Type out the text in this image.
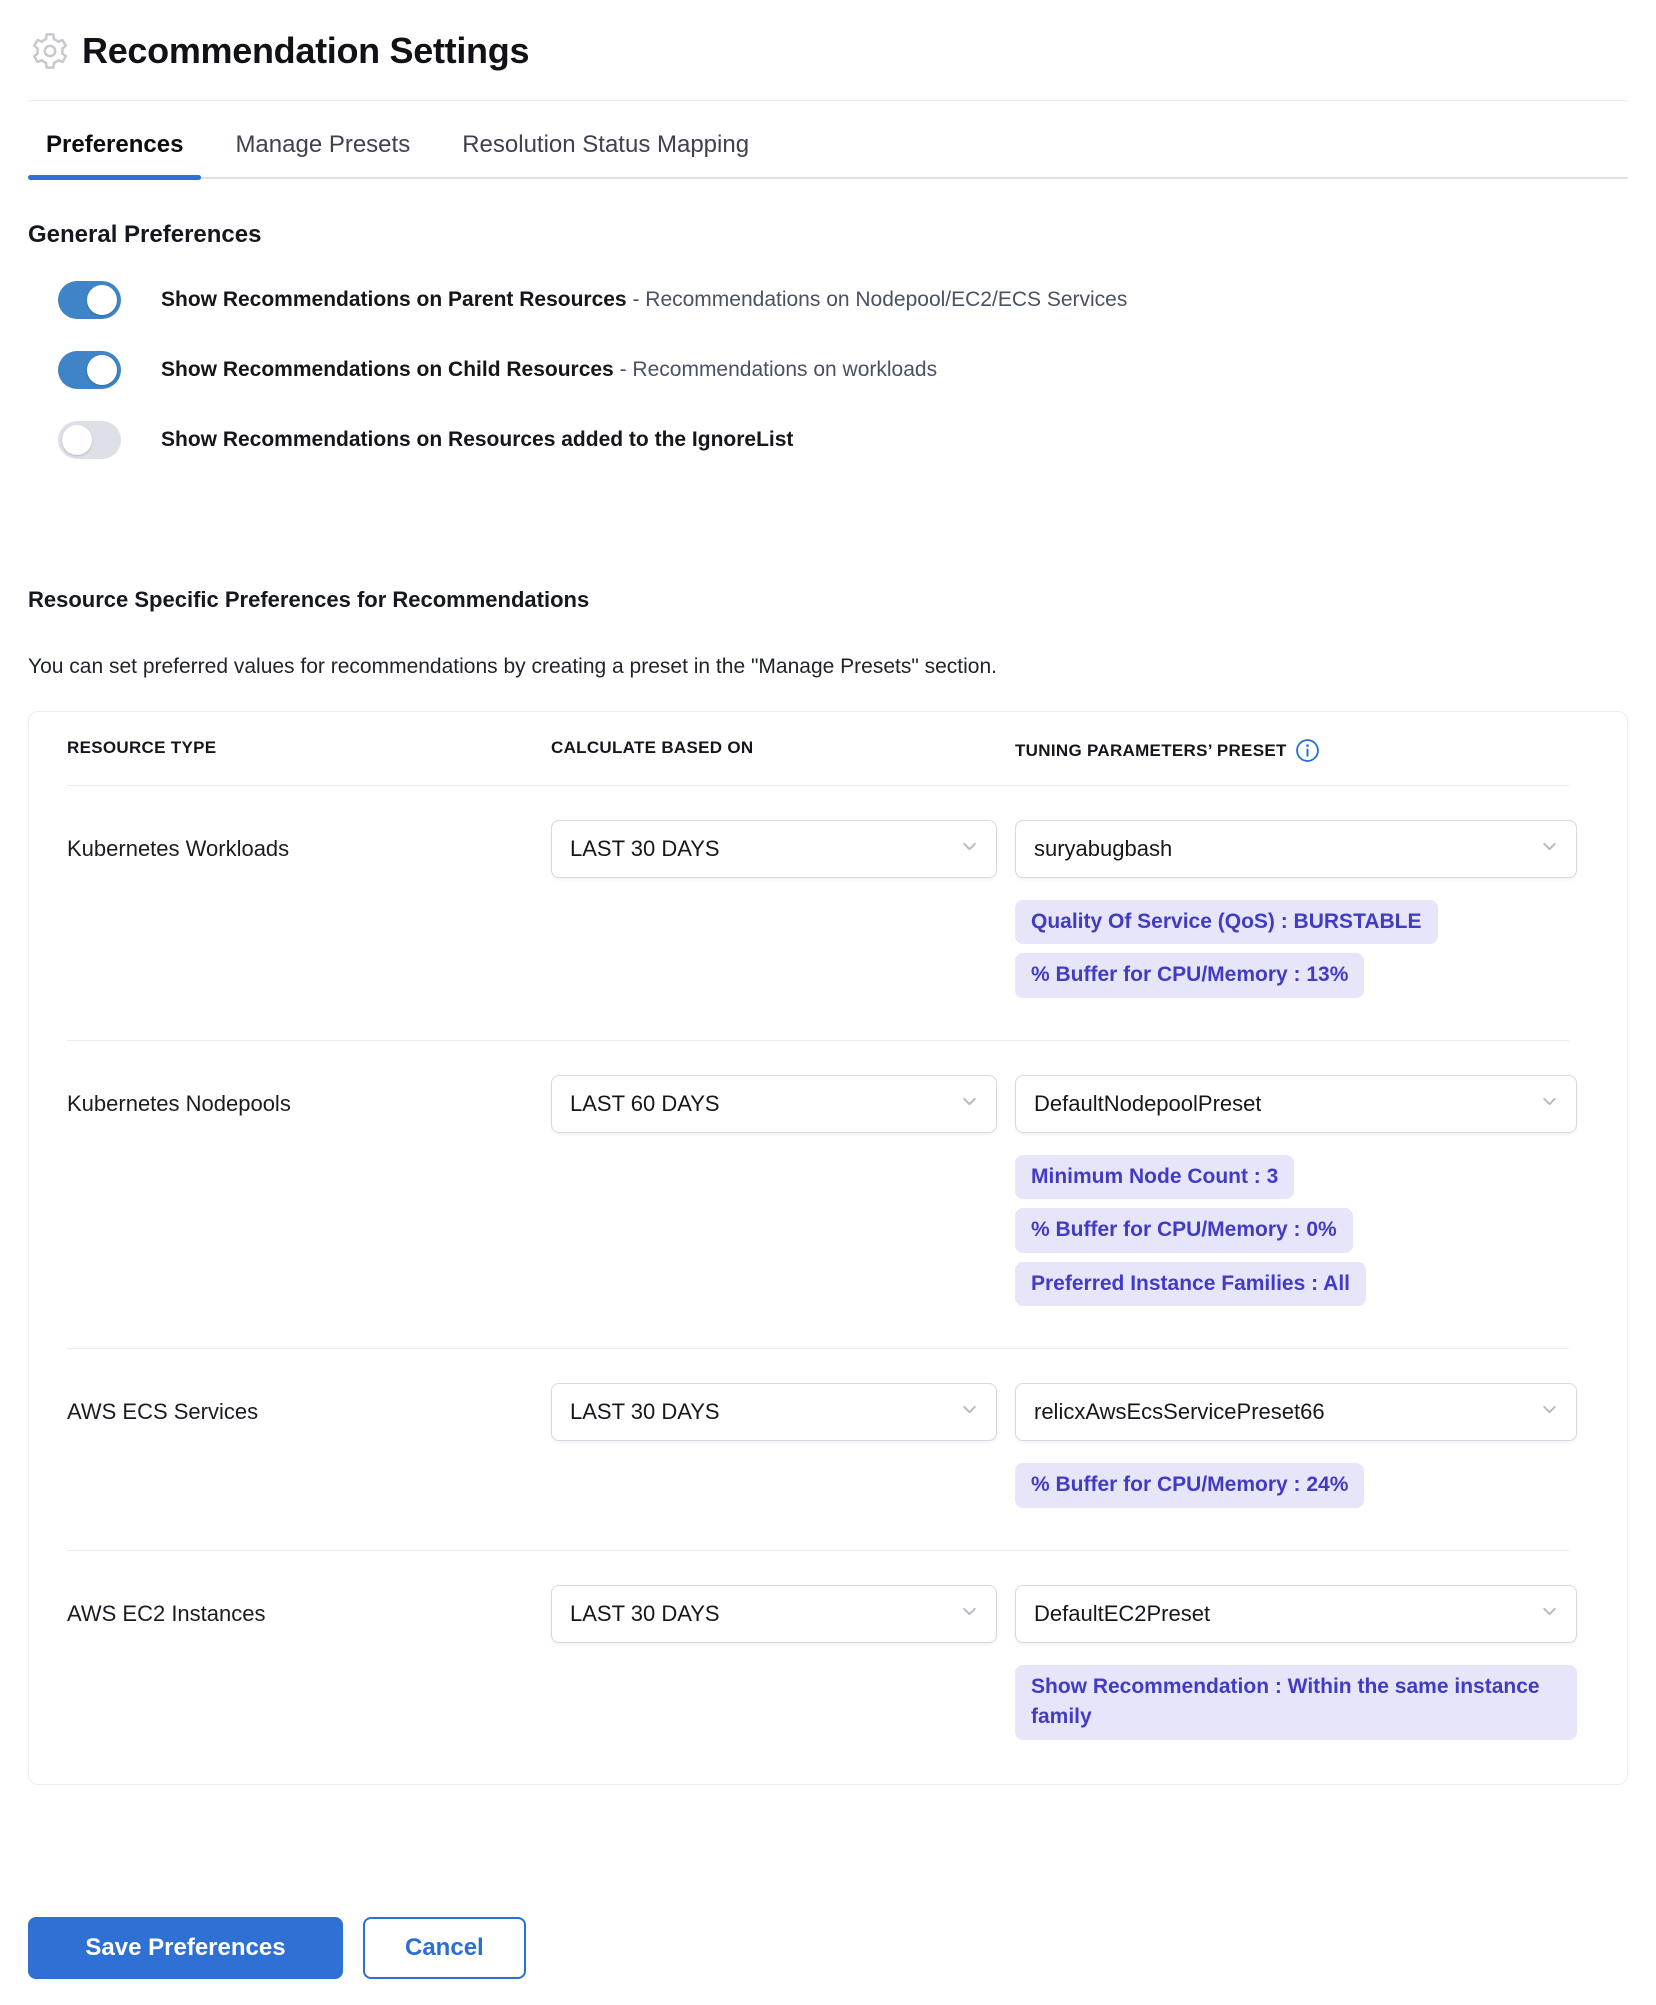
Recommendation Settings
Preferences	Manage Presets	Resolution Status Mapping
General Preferences
Show Recommendations on Parent Resources - Recommendations on Nodepool/EC2/ECS Services
Show Recommendations on Child Resources - Recommendations on workloads
Show Recommendations on Resources added to the IgnoreList
Resource Specific Preferences for Recommendations

You can set preferred values for recommendations by creating a preset in the "Manage Presets" section.

RESOURCE TYPE	CALCULATE BASED ON	TUNING PARAMETERS’ PRESET
Kubernetes Workloads	LAST 30 DAYS	suryabugbash
Quality Of Service (QoS) : BURSTABLE
% Buffer for CPU/Memory : 13%
Kubernetes Nodepools	LAST 60 DAYS	DefaultNodepoolPreset
Minimum Node Count : 3
% Buffer for CPU/Memory : 0%
Preferred Instance Families : All
AWS ECS Services	LAST 30 DAYS	relicxAwsEcsServicePreset66
% Buffer for CPU/Memory : 24%
AWS EC2 Instances	LAST 30 DAYS	DefaultEC2Preset
Show Recommendation : Within the same instance family
Save Preferences	Cancel
